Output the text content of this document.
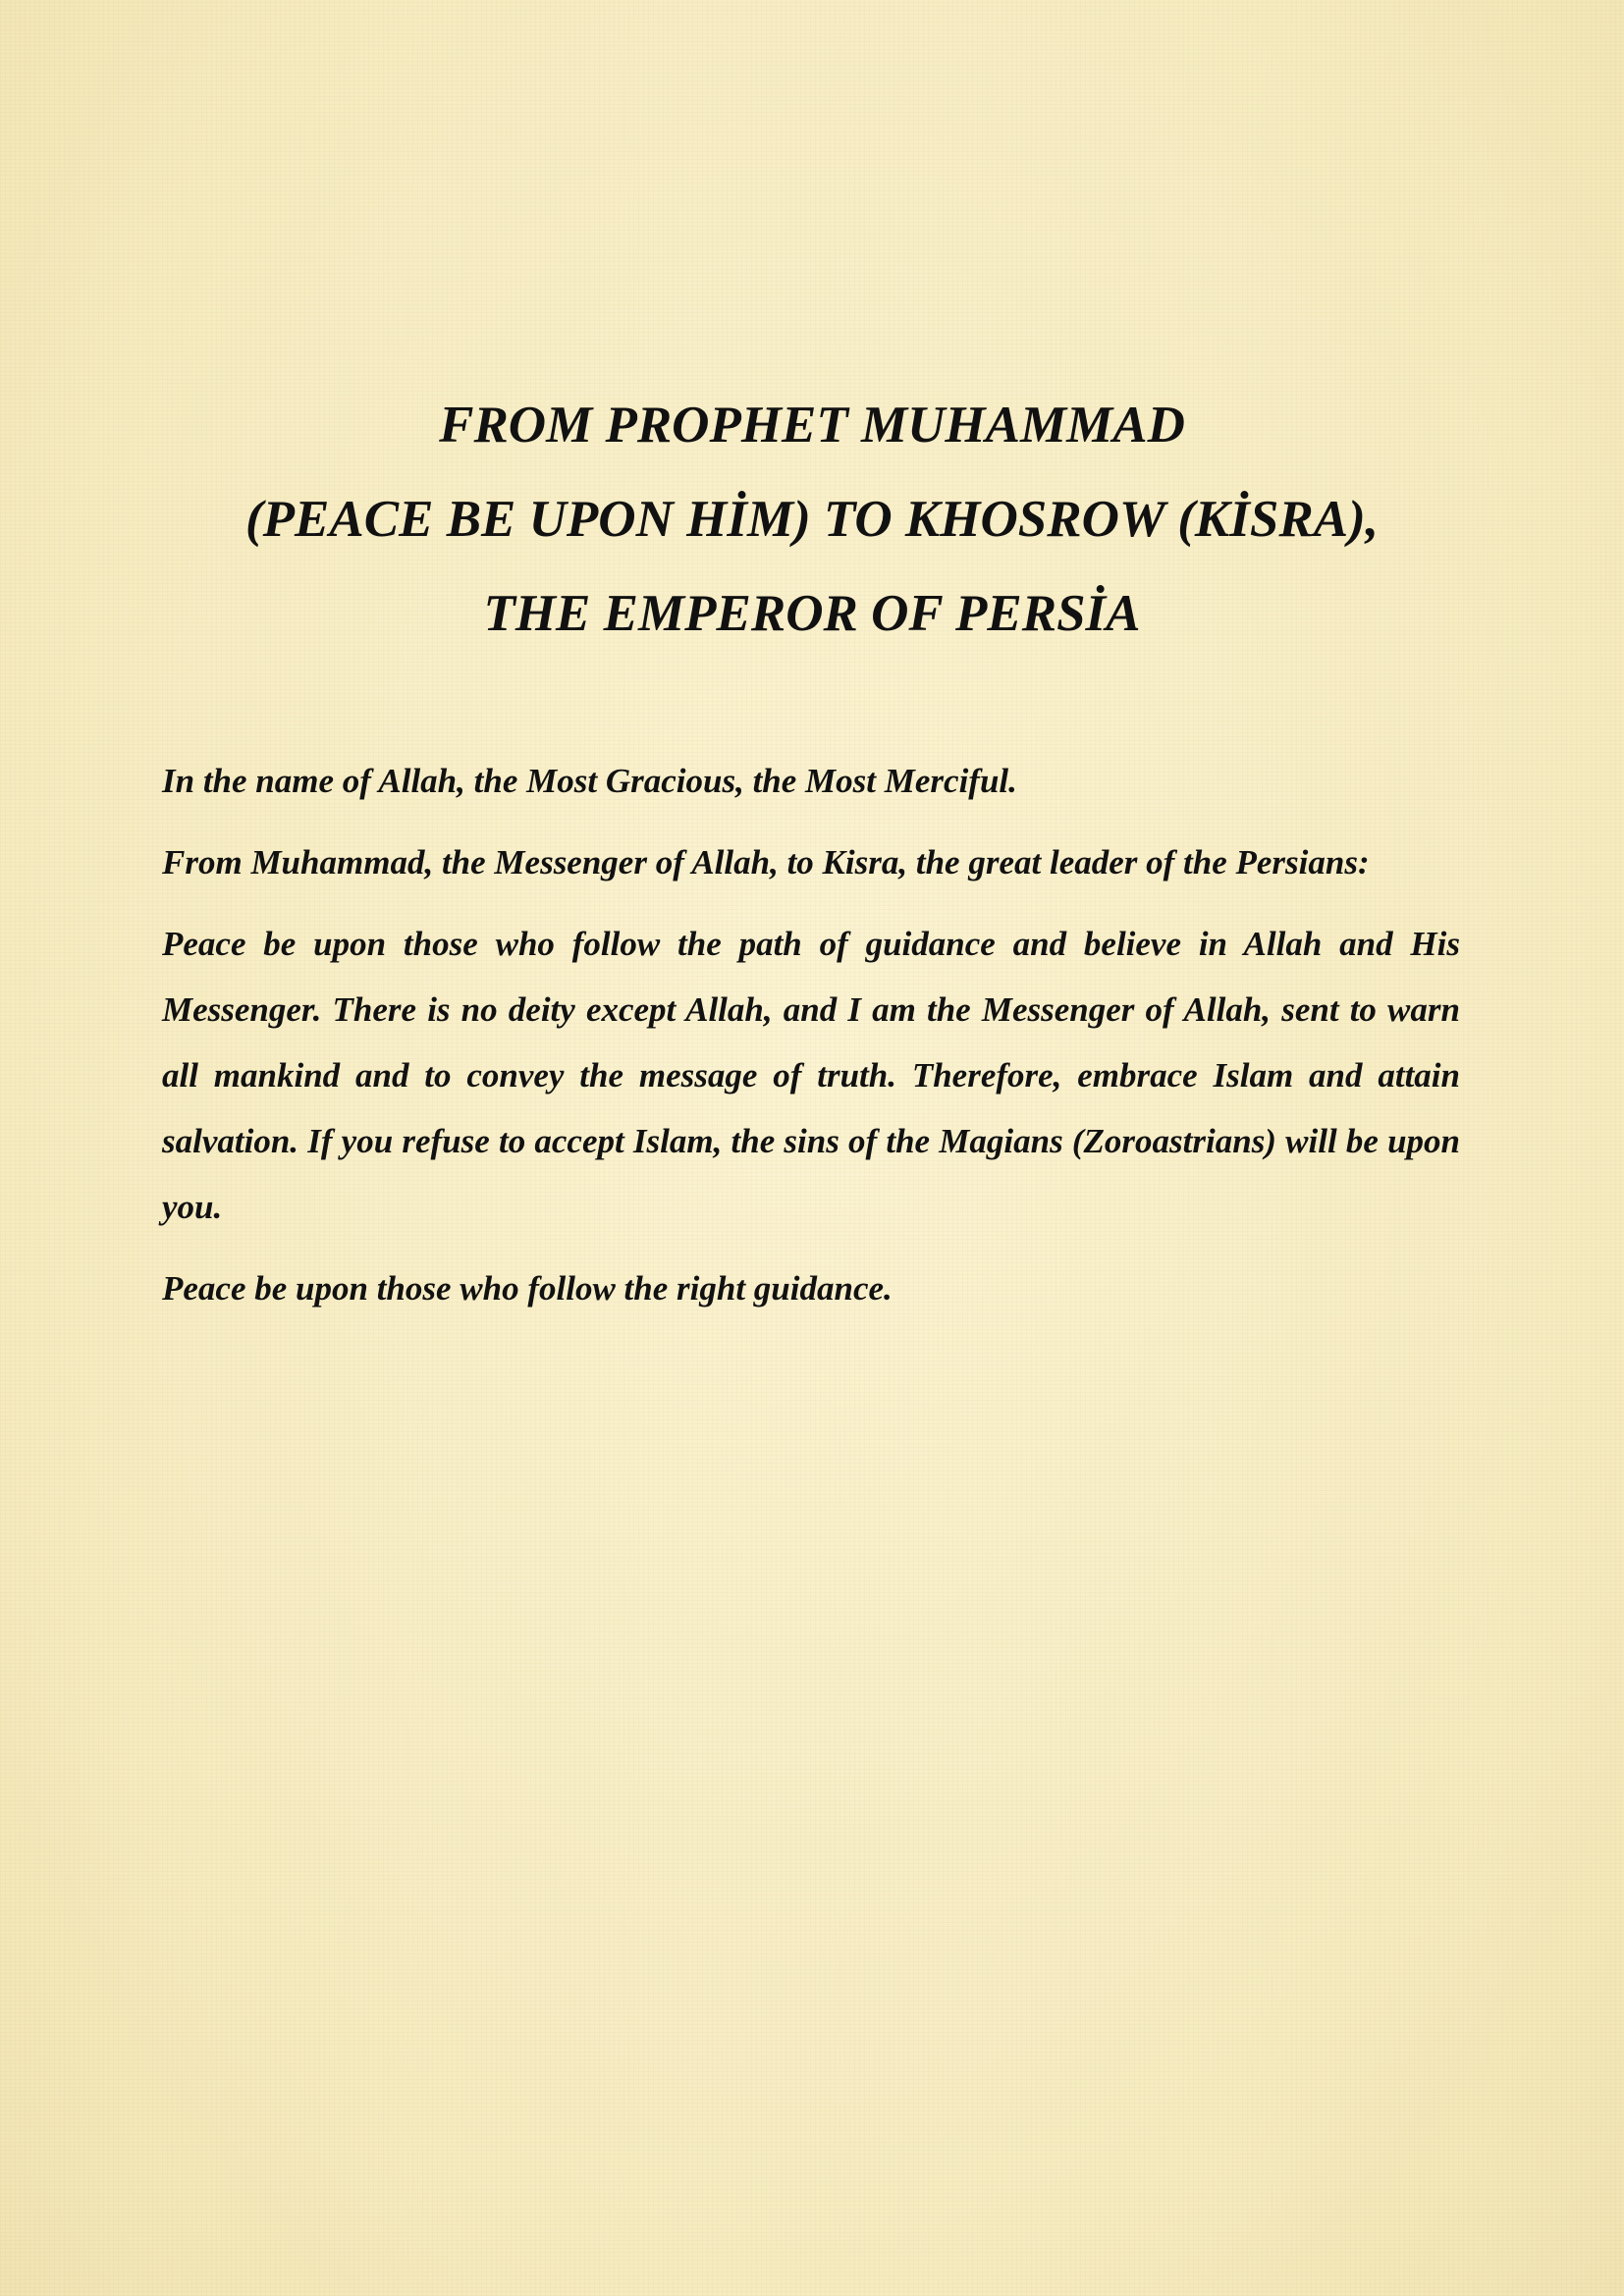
FROM PROPHET MUHAMMAD
(PEACE BE UPON HİM) TO KHOSROW (KİSRA),
THE EMPEROR OF PERSİA

In the name of Allah, the Most Gracious, the Most Merciful.

From Muhammad, the Messenger of Allah, to Kisra, the great leader of the Persians:

Peace be upon those who follow the path of guidance and believe in Allah and His Messenger. There is no deity except Allah, and I am the Messenger of Allah, sent to warn all mankind and to convey the message of truth. Therefore, embrace Islam and attain salvation. If you refuse to accept Islam, the sins of the Magians (Zoroastrians) will be upon you.

Peace be upon those who follow the right guidance.
